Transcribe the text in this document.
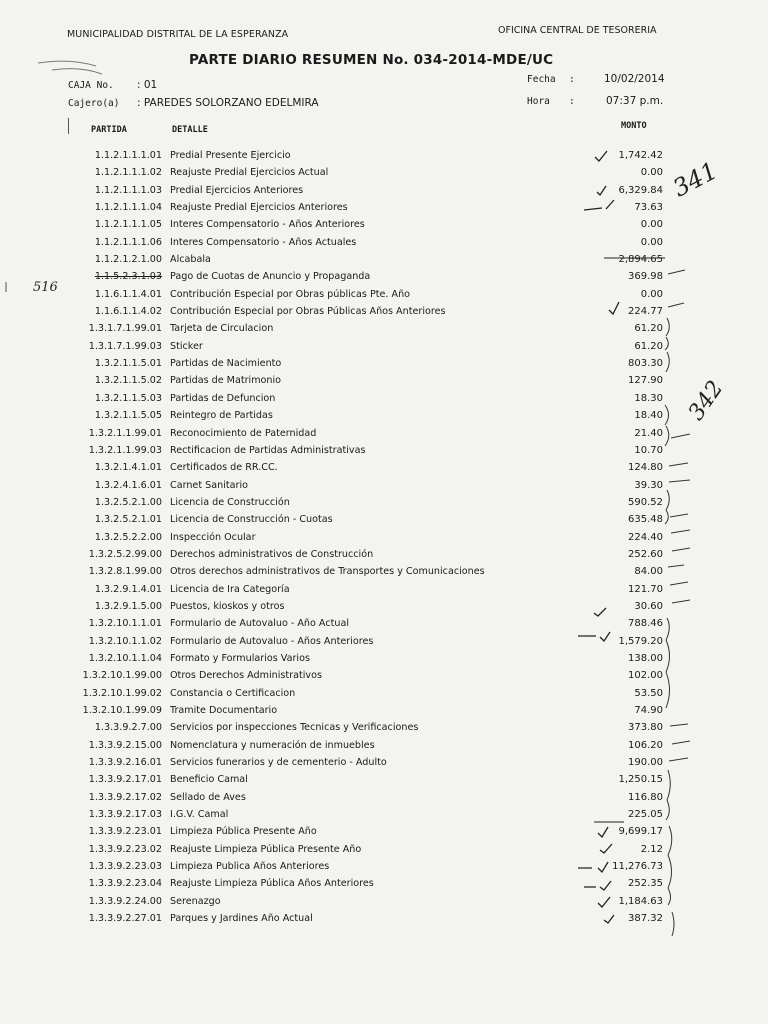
MUNICIPALIDAD DISTRITAL DE LA ESPERANZA	OFICINA CENTRAL DE TESORERIA
PARTE DIARIO RESUMEN No. 034-2014-MDE/UC
CAJA No. : 01
Cajero(a) : PAREDES SOLORZANO EDELMIRA
Fecha :	10/02/2014
Hora :	07:37 p.m.
PARTIDA	DETALLE	MONTO
1.1.2.1.1.1.01 Predial Presente Ejercicio	1,742.42
1.1.2.1.1.1.02 Reajuste Predial Ejercicios Actual	0.00
1.1.2.1.1.1.03 Predial Ejercicios Anteriores	6,329.84
1.1.2.1.1.1.04 Reajuste Predial Ejercicios Anteriores	73.63
1.1.2.1.1.1.05 Interes Compensatorio - Años Anteriores	0.00
1.1.2.1.1.1.06 Interes Compensatorio - Años Actuales	0.00
1.1.2.1.2.1.00 Alcabala	2,894.65
1.1.5.2.3.1.03 Pago de Cuotas de Anuncio y Propaganda	369.98
1.1.6.1.1.4.01 Contribución Especial por Obras públicas Pte. Año	0.00
1.1.6.1.1.4.02 Contribución Especial por Obras Públicas Años Anteriores	224.77
1.3.1.7.1.99.01 Tarjeta de Circulacion	61.20
1.3.1.7.1.99.03 Sticker	61.20
1.3.2.1.1.5.01 Partidas de Nacimiento	803.30
1.3.2.1.1.5.02 Partidas de Matrimonio	127.90
1.3.2.1.1.5.03 Partidas de Defuncion	18.30
1.3.2.1.1.5.05 Reintegro de Partidas	18.40
1.3.2.1.1.99.01 Reconocimiento de Paternidad	21.40
1.3.2.1.1.99.03 Rectificacion de Partidas Administrativas	10.70
1.3.2.1.4.1.01 Certificados de RR.CC.	124.80
1.3.2.4.1.6.01 Carnet Sanitario	39.30
1.3.2.5.2.1.00 Licencia de Construcción	590.52
1.3.2.5.2.1.01 Licencia de Construcción - Cuotas	635.48
1.3.2.5.2.2.00 Inspección Ocular	224.40
1.3.2.5.2.99.00 Derechos administrativos de Construcción	252.60
1.3.2.8.1.99.00 Otros derechos administrativos de Transportes y Comunicaciones	84.00
1.3.2.9.1.4.01 Licencia de Ira Categoría	121.70
1.3.2.9.1.5.00 Puestos, kioskos y otros	30.60
1.3.2.10.1.1.01 Formulario de Autovaluo - Año Actual	788.46
1.3.2.10.1.1.02 Formulario de Autovaluo - Años Anteriores	1,579.20
1.3.2.10.1.1.04 Formato y Formularios Varios	138.00
1.3.2.10.1.99.00 Otros Derechos Administrativos	102.00
1.3.2.10.1.99.02 Constancia o Certificacion	53.50
1.3.2.10.1.99.09 Tramite Documentario	74.90
1.3.3.9.2.7.00 Servicios por inspecciones Tecnicas y Verificaciones	373.80
1.3.3.9.2.15.00 Nomenclatura y numeración de inmuebles	106.20
1.3.3.9.2.16.01 Servicios funerarios y de cementerio - Adulto	190.00
1.3.3.9.2.17.01 Beneficio Camal	1,250.15
1.3.3.9.2.17.02 Sellado de Aves	116.80
1.3.3.9.2.17.03 I.G.V. Camal	225.05
1.3.3.9.2.23.01 Limpieza Pública Presente Año	9,699.17
1.3.3.9.2.23.02 Reajuste Limpieza Pública Presente Año	2.12
1.3.3.9.2.23.03 Limpieza Publica Años Anteriores	11,276.73
1.3.3.9.2.23.04 Reajuste Limpieza Pública Años Anteriores	252.35
1.3.3.9.2.24.00 Serenazgo	1,184.63
1.3.3.9.2.27.01 Parques y Jardines Año Actual	387.32
516
341
342
